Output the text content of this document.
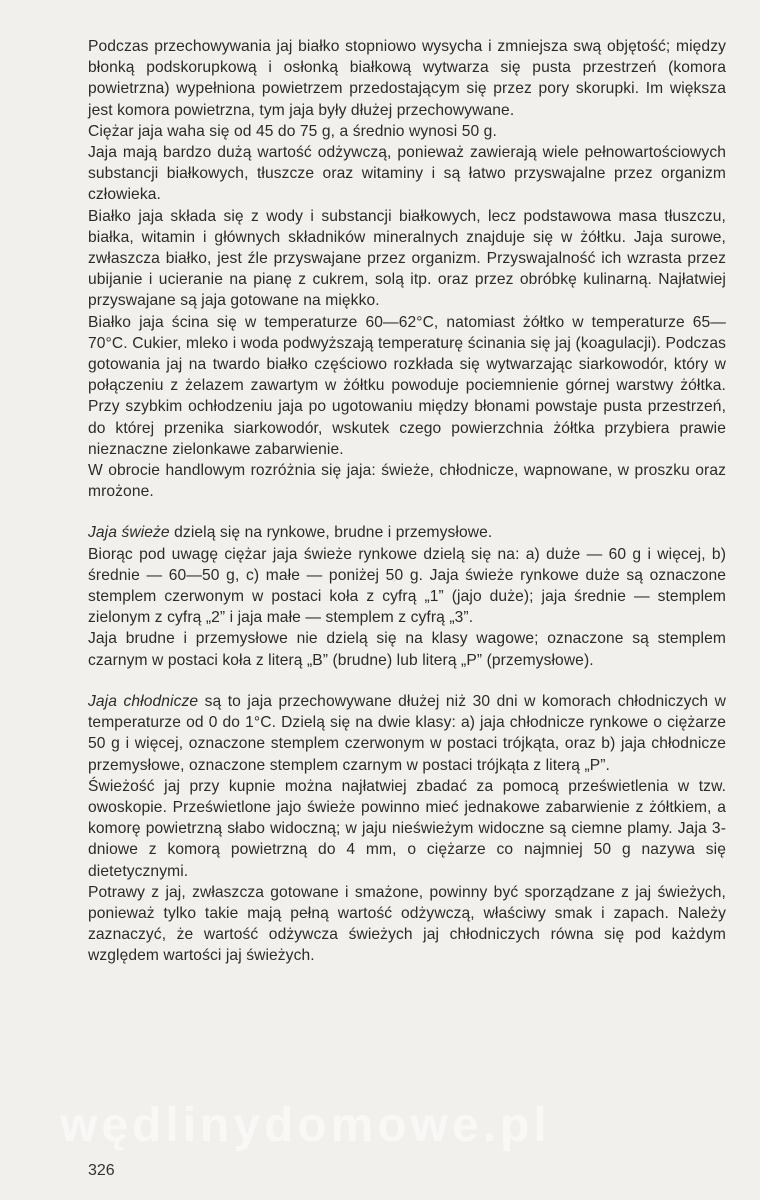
Podczas przechowywania jaj białko stopniowo wysycha i zmniejsza swą objętość; między błonką podskorupkową i osłonką białkową wytwarza się pusta przestrzeń (komora powietrzna) wypełniona powietrzem przedostającym się przez pory skorupki. Im większa jest komora powietrzna, tym jaja były dłużej przechowywane.

Ciężar jaja waha się od 45 do 75 g, a średnio wynosi 50 g.

Jaja mają bardzo dużą wartość odżywczą, ponieważ zawierają wiele pełnowartościowych substancji białkowych, tłuszcze oraz witaminy i są łatwo przyswajalne przez organizm człowieka.

Białko jaja składa się z wody i substancji białkowych, lecz podstawowa masa tłuszczu, białka, witamin i głównych składników mineralnych znajduje się w żółtku. Jaja surowe, zwłaszcza białko, jest źle przyswajane przez organizm. Przyswajalność ich wzrasta przez ubijanie i ucieranie na pianę z cukrem, solą itp. oraz przez obróbkę kulinarną. Najłatwiej przyswajane są jaja gotowane na miękko.

Białko jaja ścina się w temperaturze 60—62°C, natomiast żółtko w temperaturze 65—70°C. Cukier, mleko i woda podwyższają temperaturę ścinania się jaj (koagulacji). Podczas gotowania jaj na twardo białko częściowo rozkłada się wytwarzając siarkowodór, który w połączeniu z żelazem zawartym w żółtku powoduje pociemnienie górnej warstwy żółtka. Przy szybkim ochłodzeniu jaja po ugotowaniu między błonami powstaje pusta przestrzeń, do której przenika siarkowodór, wskutek czego powierzchnia żółtka przybiera prawie nieznaczne zielonkawe zabarwienie.

W obrocie handlowym rozróżnia się jaja: świeże, chłodnicze, wapnowane, w proszku oraz mrożone.

Jaja świeże dzielą się na rynkowe, brudne i przemysłowe.

Biorąc pod uwagę ciężar jaja świeże rynkowe dzielą się na: a) duże — 60 g i więcej, b) średnie — 60—50 g, c) małe — poniżej 50 g. Jaja świeże rynkowe duże są oznaczone stemplem czerwonym w postaci koła z cyfrą „1” (jajo duże); jaja średnie — stemplem zielonym z cyfrą „2” i jaja małe — stemplem z cyfrą „3”.

Jaja brudne i przemysłowe nie dzielą się na klasy wagowe; oznaczone są stemplem czarnym w postaci koła z literą „B” (brudne) lub literą „P” (przemysłowe).

Jaja chłodnicze są to jaja przechowywane dłużej niż 30 dni w komorach chłodniczych w temperaturze od 0 do 1°C. Dzielą się na dwie klasy: a) jaja chłodnicze rynkowe o ciężarze 50 g i więcej, oznaczone stemplem czerwonym w postaci trójkąta, oraz b) jaja chłodnicze przemysłowe, oznaczone stemplem czarnym w postaci trójkąta z literą „P”.

Świeżość jaj przy kupnie można najłatwiej zbadać za pomocą prześwietlenia w tzw. owoskopie. Prześwietlone jajo świeże powinno mieć jednakowe zabarwienie z żółtkiem, a komorę powietrzną słabo widoczną; w jaju nieświeżym widoczne są ciemne plamy. Jaja 3-dniowe z komorą powietrzną do 4 mm, o ciężarze co najmniej 50 g nazywa się dietetycznymi.

Potrawy z jaj, zwłaszcza gotowane i smażone, powinny być sporządzane z jaj świeżych, ponieważ tylko takie mają pełną wartość odżywczą, właściwy smak i zapach. Należy zaznaczyć, że wartość odżywcza świeżych jaj chłodniczych równa się pod każdym względem wartości jaj świeżych.

wędlinydomowe.pl
326
